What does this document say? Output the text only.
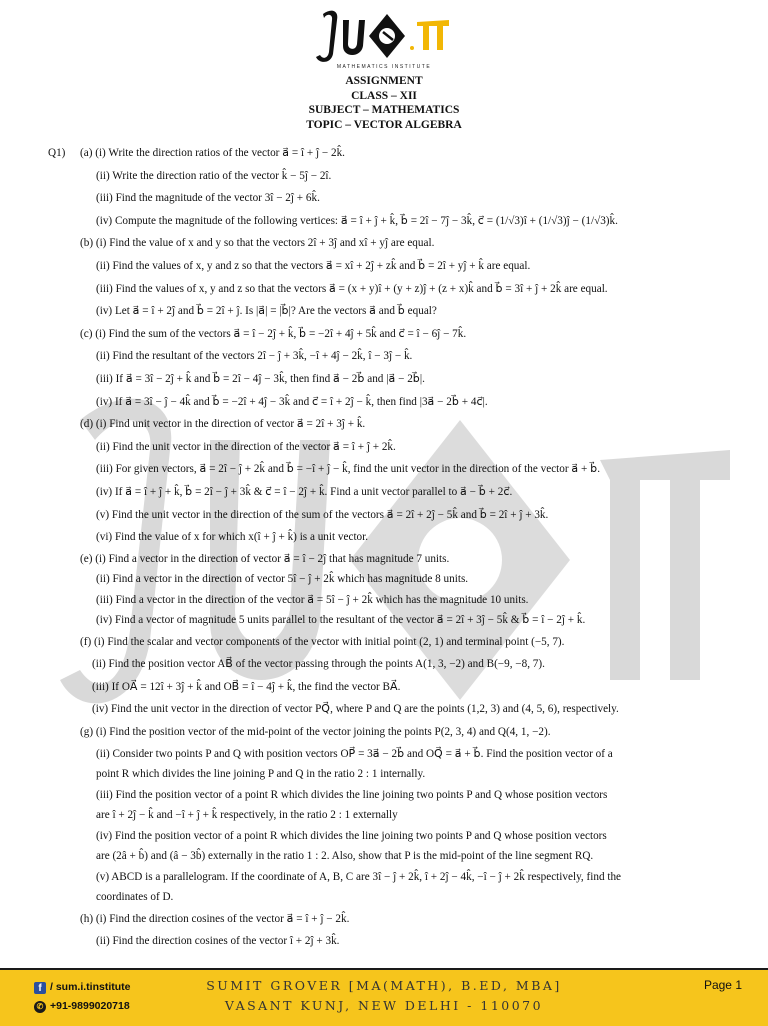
MATHEMATICS INSTITUTE
ASSIGNMENT
CLASS – XII
SUBJECT – MATHEMATICS
TOPIC – VECTOR ALGEBRA
Q1) (a) (i) Write the direction ratios of the vector a⃗ = î + ĵ − 2k̂.
(ii) Write the direction ratio of the vector k̂ − 5ĵ − 2î.
(iii) Find the magnitude of the vector 3î − 2ĵ + 6k̂.
(iv) Compute the magnitude of the following vertices: a⃗ = î + ĵ + k̂, b⃗ = 2î − 7ĵ − 3k̂, c⃗ = (1/√3)î + (1/√3)ĵ − (1/√3)k̂.
(b) (i) Find the value of x and y so that the vectors 2î + 3ĵ and xî + yĵ are equal.
(ii) Find the values of x, y and z so that the vectors a⃗ = xî + 2ĵ + zk̂ and b⃗ = 2î + yĵ + k̂ are equal.
(iii) Find the values of x, y and z so that the vectors a⃗ = (x + y)î + (y + z)ĵ + (z + x)k̂ and b⃗ = 3î + ĵ + 2k̂ are equal.
(iv) Let a⃗ = î + 2ĵ and b⃗ = 2î + ĵ. Is |a⃗| = |b⃗|? Are the vectors a⃗ and b⃗ equal?
(c) (i) Find the sum of the vectors a⃗ = î − 2ĵ + k̂, b⃗ = −2î + 4ĵ + 5k̂ and c⃗ = î − 6ĵ − 7k̂.
(ii) Find the resultant of the vectors 2î − ĵ + 3k̂, −î + 4ĵ − 2k̂, î − 3ĵ − k̂.
(iii) If a⃗ = 3î − 2ĵ + k̂ and b⃗ = 2î − 4ĵ − 3k̂, then find a⃗ − 2b⃗ and |a⃗ − 2b⃗|.
(iv) If a⃗ = 3î − ĵ − 4k̂ and b⃗ = −2î + 4ĵ − 3k̂ and c⃗ = î + 2ĵ − k̂, then find |3a⃗ − 2b⃗ + 4c⃗|.
(d) (i) Find unit vector in the direction of vector a⃗ = 2î + 3ĵ + k̂.
(ii) Find the unit vector in the direction of the vector a⃗ = î + ĵ + 2k̂.
(iii) For given vectors, a⃗ = 2î − ĵ + 2k̂ and b⃗ = −î + ĵ − k̂, find the unit vector in the direction of the vector a⃗ + b⃗.
(iv) If a⃗ = î + ĵ + k̂, b⃗ = 2î − ĵ + 3k̂ & c⃗ = î − 2ĵ + k̂. Find a unit vector parallel to a⃗ − b⃗ + 2c⃗.
(v) Find the unit vector in the direction of the sum of the vectors a⃗ = 2î + 2ĵ − 5k̂ and b⃗ = 2î + ĵ + 3k̂.
(vi) Find the value of x for which x(î + ĵ + k̂) is a unit vector.
(e) (i) Find a vector in the direction of vector a⃗ = î − 2ĵ that has magnitude 7 units.
(ii) Find a vector in the direction of vector 5î − ĵ + 2k̂ which has magnitude 8 units.
(iii) Find a vector in the direction of the vector a⃗ = 5î − ĵ + 2k̂ which has the magnitude 10 units.
(iv) Find a vector of magnitude 5 units parallel to the resultant of the vector a⃗ = 2î + 3ĵ − 5k̂ & b⃗ = î − 2ĵ + k̂.
(f) (i) Find the scalar and vector components of the vector with initial point (2, 1) and terminal point (−5, 7).
(ii) Find the position vector AB⃗ of the vector passing through the points A(1, 3, −2) and B(−9, −8, 7).
(iii) If OA⃗ = 12î + 3ĵ + k̂ and OB⃗ = î − 4ĵ + k̂, the find the vector BA⃗.
(iv) Find the unit vector in the direction of vector PQ⃗, where P and Q are the points (1,2, 3) and (4, 5, 6), respectively.
(g) (i) Find the position vector of the mid-point of the vector joining the points P(2, 3, 4) and Q(4, 1, −2).
(ii) Consider two points P and Q with position vectors OP⃗ = 3a⃗ − 2b⃗ and OQ⃗ = a⃗ + b⃗. Find the position vector of a
point R which divides the line joining P and Q in the ratio 2 : 1 internally.
(iii) Find the position vector of a point R which divides the line joining two points P and Q whose position vectors
are î + 2ĵ − k̂ and −î + ĵ + k̂ respectively, in the ratio 2 : 1 externally
(iv) Find the position vector of a point R which divides the line joining two points P and Q whose position vectors
are (2â + b̂) and (â − 3b̂) externally in the ratio 1 : 2. Also, show that P is the mid-point of the line segment RQ.
(v) ABCD is a parallelogram. If the coordinate of A, B, C are 3î − ĵ + 2k̂, î + 2ĵ − 4k̂, −î − ĵ + 2k̂ respectively, find the
coordinates of D.
(h) (i) Find the direction cosines of the vector a⃗ = î + ĵ − 2k̂.
(ii) Find the direction cosines of the vector î + 2ĵ + 3k̂.
f / sum.i.tinstitute
✆ +91-9899020718
SUMIT GROVER [MA(MATH), B.ED, MBA]
VASANT KUNJ, NEW DELHI - 110070
Page 1
